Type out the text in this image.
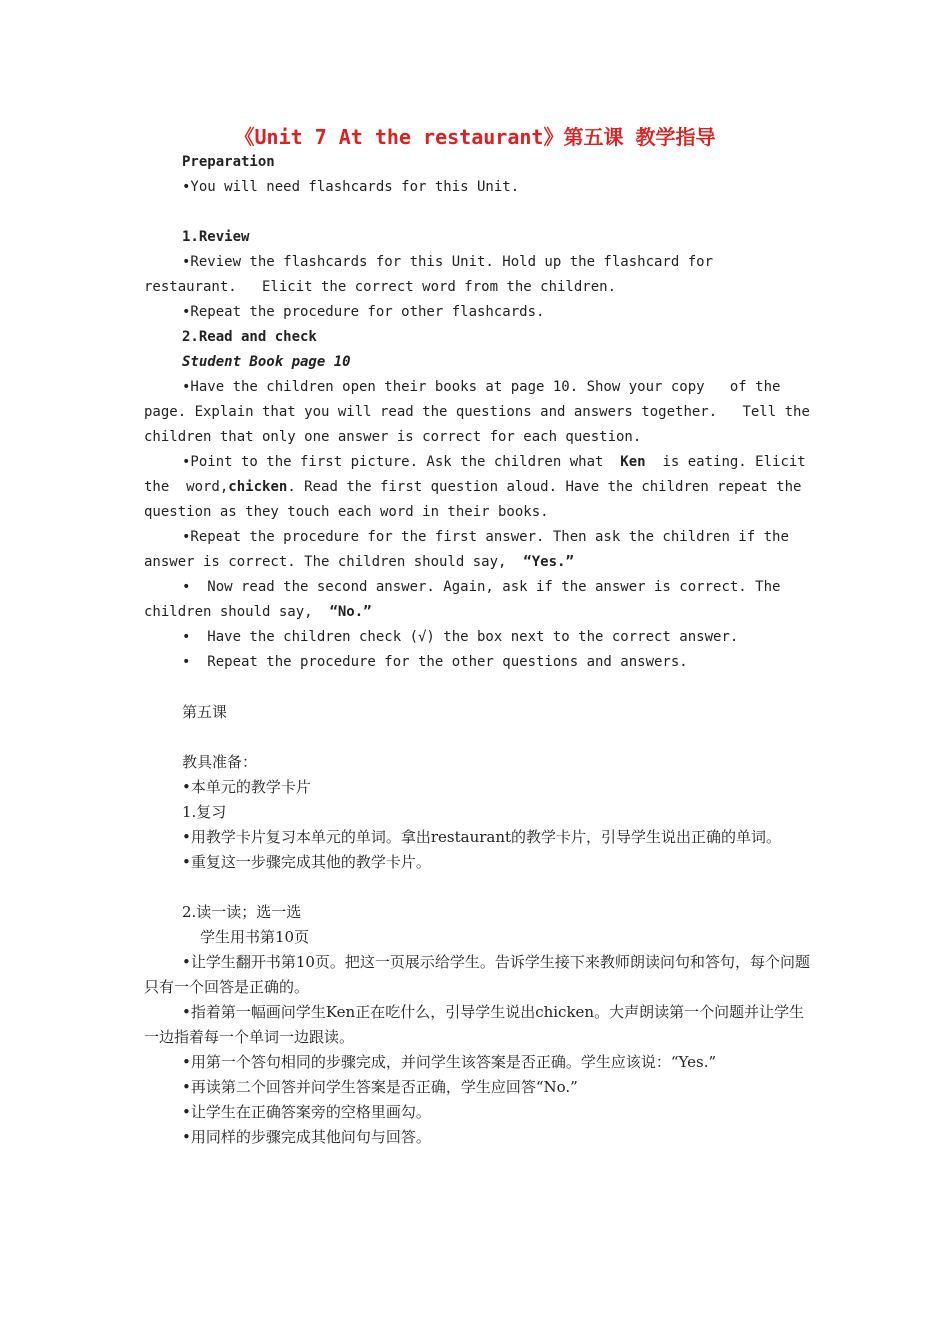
《Unit 7 At the restaurant》第五课 教学指导

Preparation

•You will need flashcards for this Unit.

1.Review

•Review the flashcards for this Unit. Hold up the flashcard for restaurant.   Elicit the correct word from the children.

•Repeat the procedure for other flashcards.

2.Read and check

Student Book page 10

•Have the children open their books at page 10. Show your copy   of the page. Explain that you will read the questions and answers together.   Tell the children that only one answer is correct for each question.

•Point to the first picture. Ask the children what  Ken  is eating. Elicit the  word,chicken. Read the first question aloud. Have the children repeat the   question as they touch each word in their books.

•Repeat the procedure for the first answer. Then ask the children if the answer is correct. The children should say,  “Yes.”

•  Now read the second answer. Again, ask if the answer is correct. The children should say,  “No.”

•  Have the children check (√) the box next to the correct answer.

•  Repeat the procedure for the other questions and answers.

第五课

教具准备：

•本单元的教学卡片

1.复习

•用教学卡片复习本单元的单词。拿出restaurant的教学卡片，引导学生说出正确的单词。

•重复这一步骤完成其他的教学卡片。

2.读一读；选一选

学生用书第10页

•让学生翻开书第10页。把这一页展示给学生。告诉学生接下来教师朗读问句和答句，每个问题只有一个回答是正确的。

•指着第一幅画问学生Ken正在吃什么，引导学生说出chicken。大声朗读第一个问题并让学生一边指着每一个单词一边跟读。

•用第一个答句相同的步骤完成，并问学生该答案是否正确。学生应该说：“Yes.”

•再读第二个回答并问学生答案是否正确，学生应回答“No.”

•让学生在正确答案旁的空格里画勾。

•用同样的步骤完成其他问句与回答。
